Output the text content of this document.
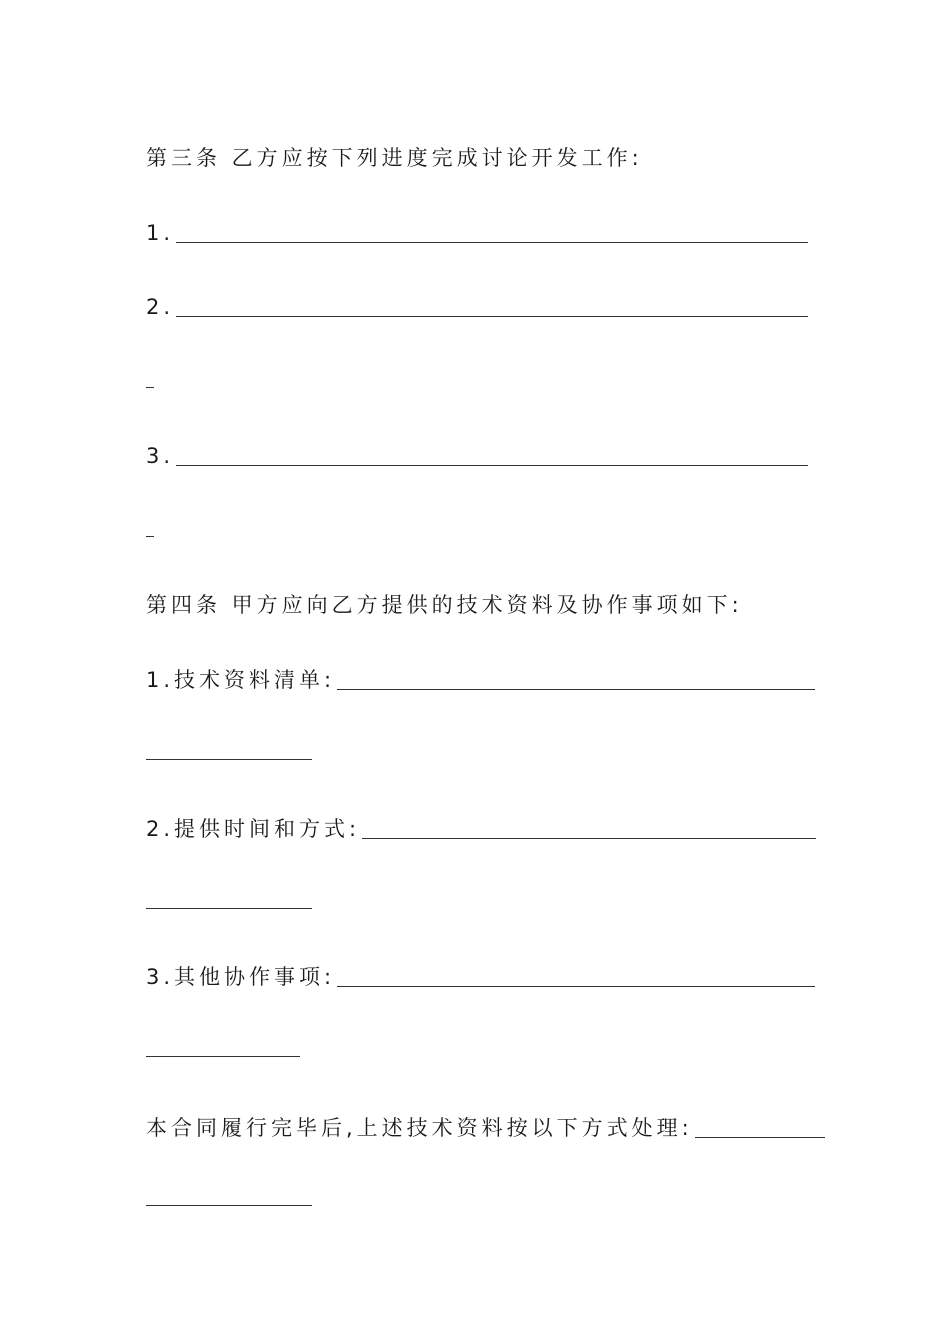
第三条 乙方应按下列进度完成讨论开发工作:
1.
2.
3.
第四条 甲方应向乙方提供的技术资料及协作事项如下:
1.技术资料清单:
2.提供时间和方式:
3.其他协作事项:
本合同履行完毕后,上述技术资料按以下方式处理:
